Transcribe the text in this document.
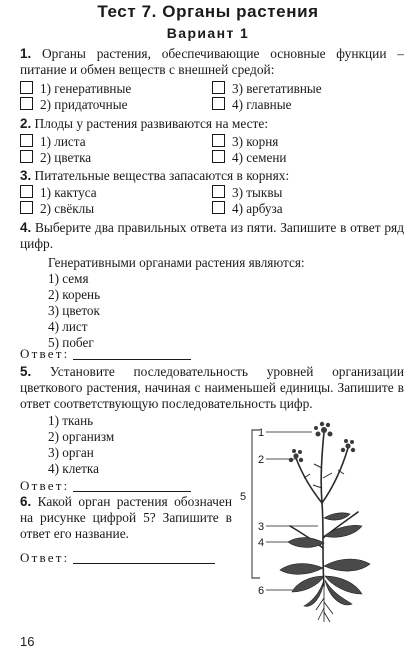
Тест 7. Органы растения
Вариант 1
1. Органы растения, обеспечивающие основные функции – питание и обмен веществ с внешней средой:
1) генеративные
2) придаточные
3) вегетативные
4) главные
2. Плоды у растения развиваются на месте:
1) листа
2) цветка
3) корня
4) семени
3. Питательные вещества запасаются в корнях:
1) кактуса
2) свёклы
3) тыквы
4) арбуза
4. Выберите два правильных ответа из пяти. Запишите в ответ ряд цифр.
Генеративными органами растения являются:
1) семя
2) корень
3) цветок
4) лист
5) побег
Ответ:
5. Установите последовательность уровней организации цветкового растения, начиная с наименьшей единицы. Запишите в ответ соответствующую последовательность цифр.
1) ткань
2) организм
3) орган
4) клетка
Ответ:
6. Какой орган растения обозначен на рисунке цифрой 5? Запишите в ответ его название.
Ответ:
1
2
5
3
4
6
16
